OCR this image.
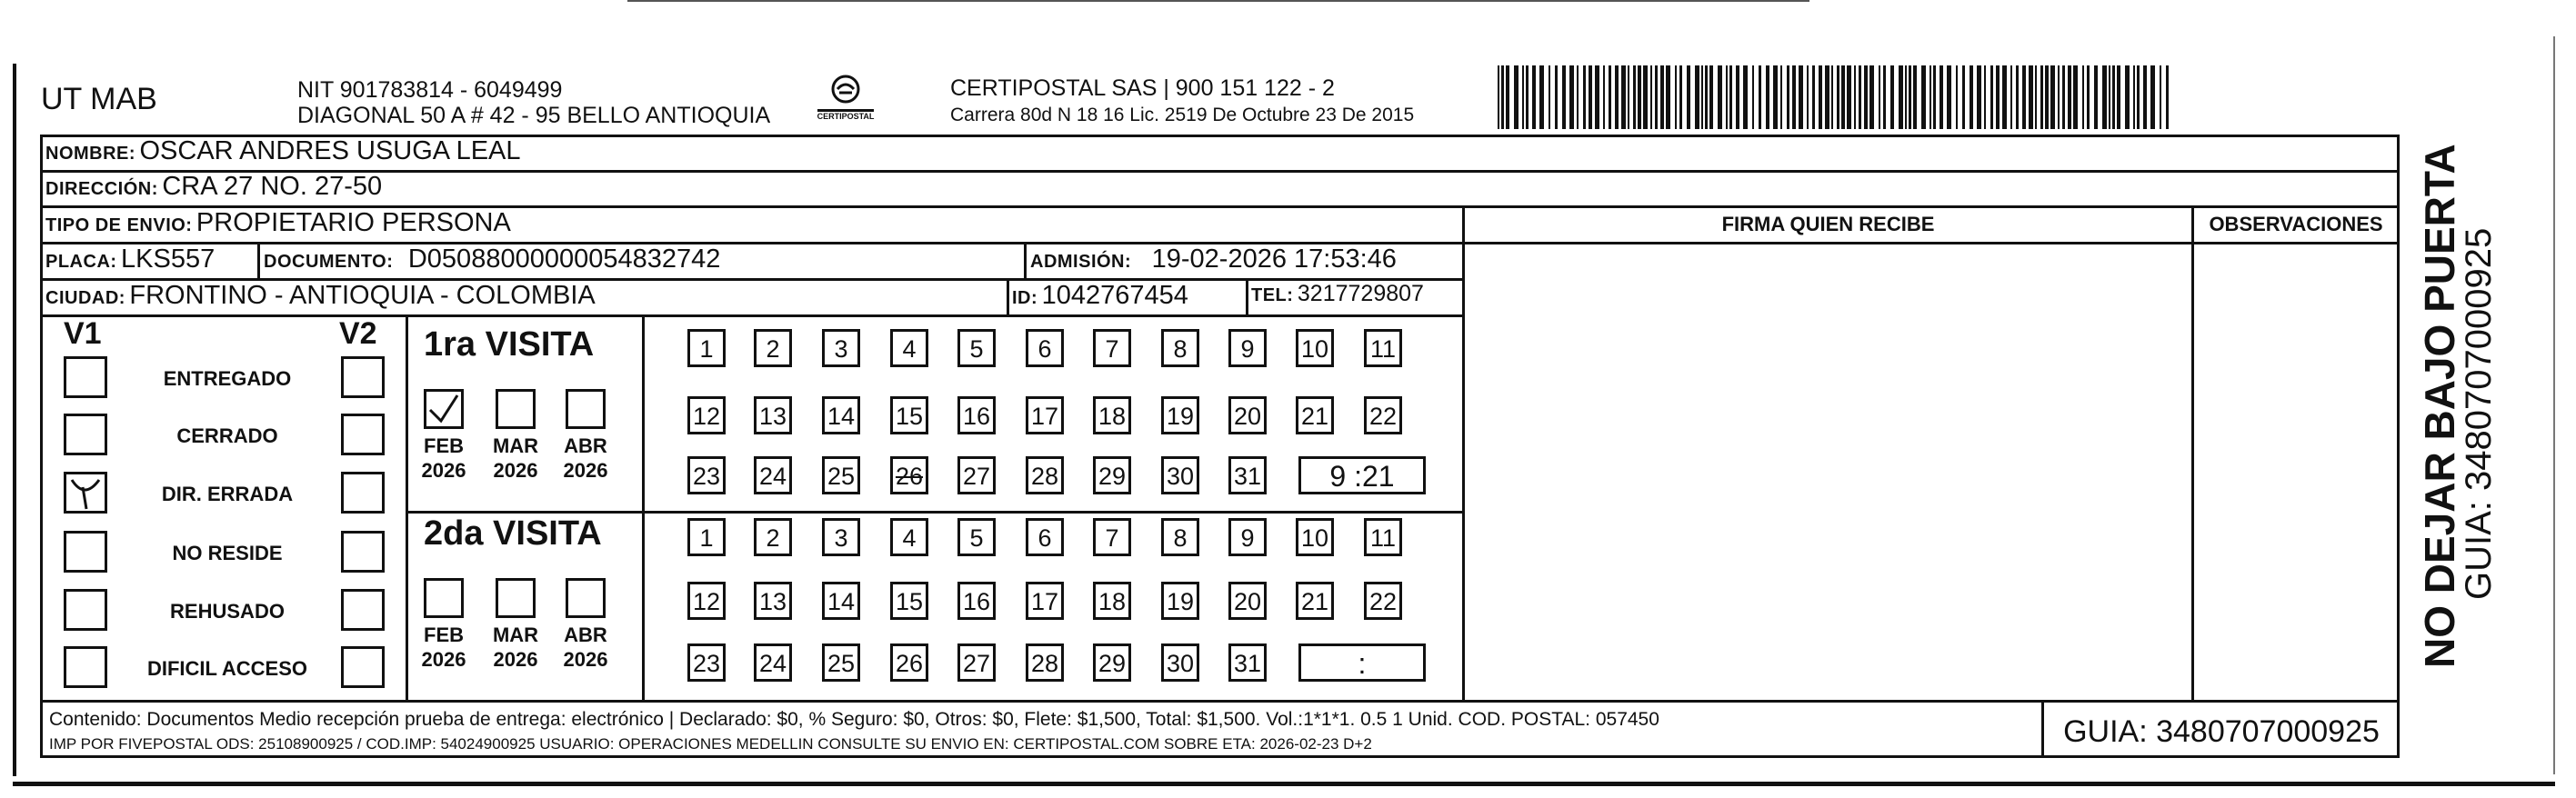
UT MAB	NIT 901783814 - 6049499
DIAGONAL 50 A # 42 - 95 BELLO ANTIOQUIA	CERTIPOSTAL
CERTIPOSTAL SAS | 900 151 122 - 2
Carrera 80d N 18 16 Lic. 2519 De Octubre 23 De 2015
NOMBRE: OSCAR ANDRES USUGA LEAL
DIRECCIÓN: CRA 27 NO. 27-50
TIPO DE ENVIO: PROPIETARIO PERSONA	FIRMA QUIEN RECIBE	OBSERVACIONES
PLACA: LKS557	DOCUMENTO: D05088000000054832742	ADMISIÓN: 19-02-2026 17:53:46
CIUDAD: FRONTINO - ANTIOQUIA - COLOMBIA	ID: 1042767454	TEL: 3217729807
V1	V2
ENTREGADO
CERRADO
DIR. ERRADA
NO RESIDE
REHUSADO
DIFICIL ACCESO
1ra VISITA
2da VISITA
FEB
2026
MAR
2026
ABR
2026
FEB
2026
MAR
2026
ABR
2026
1	2	3	4	5	6	7	8	9	10 11
12 13 14 15 16 17 18 19 20 21 22
23 24 25 26 27 28 29 30 31	9 :21
1	2	3	4	5	6	7	8	9	10 11
12 13 14 15 16 17 18 19 20 21 22
23 24 25 26 27 28 29 30 31	:
Contenido: Documentos Medio recepción prueba de entrega: electrónico | Declarado: $0, % Seguro: $0, Otros: $0, Flete: $1,500, Total: $1,500. Vol.:1*1*1. 0.5 1 Unid. COD. POSTAL: 057450
IMP POR FIVEPOSTAL ODS: 25108900925 / COD.IMP: 54024900925 USUARIO: OPERACIONES MEDELLIN CONSULTE SU ENVIO EN: CERTIPOSTAL.COM SOBRE ETA: 2026-02-23 D+2	GUIA: 3480707000925
NO DEJAR BAJO PUERTA
GUIA: 3480707000925
